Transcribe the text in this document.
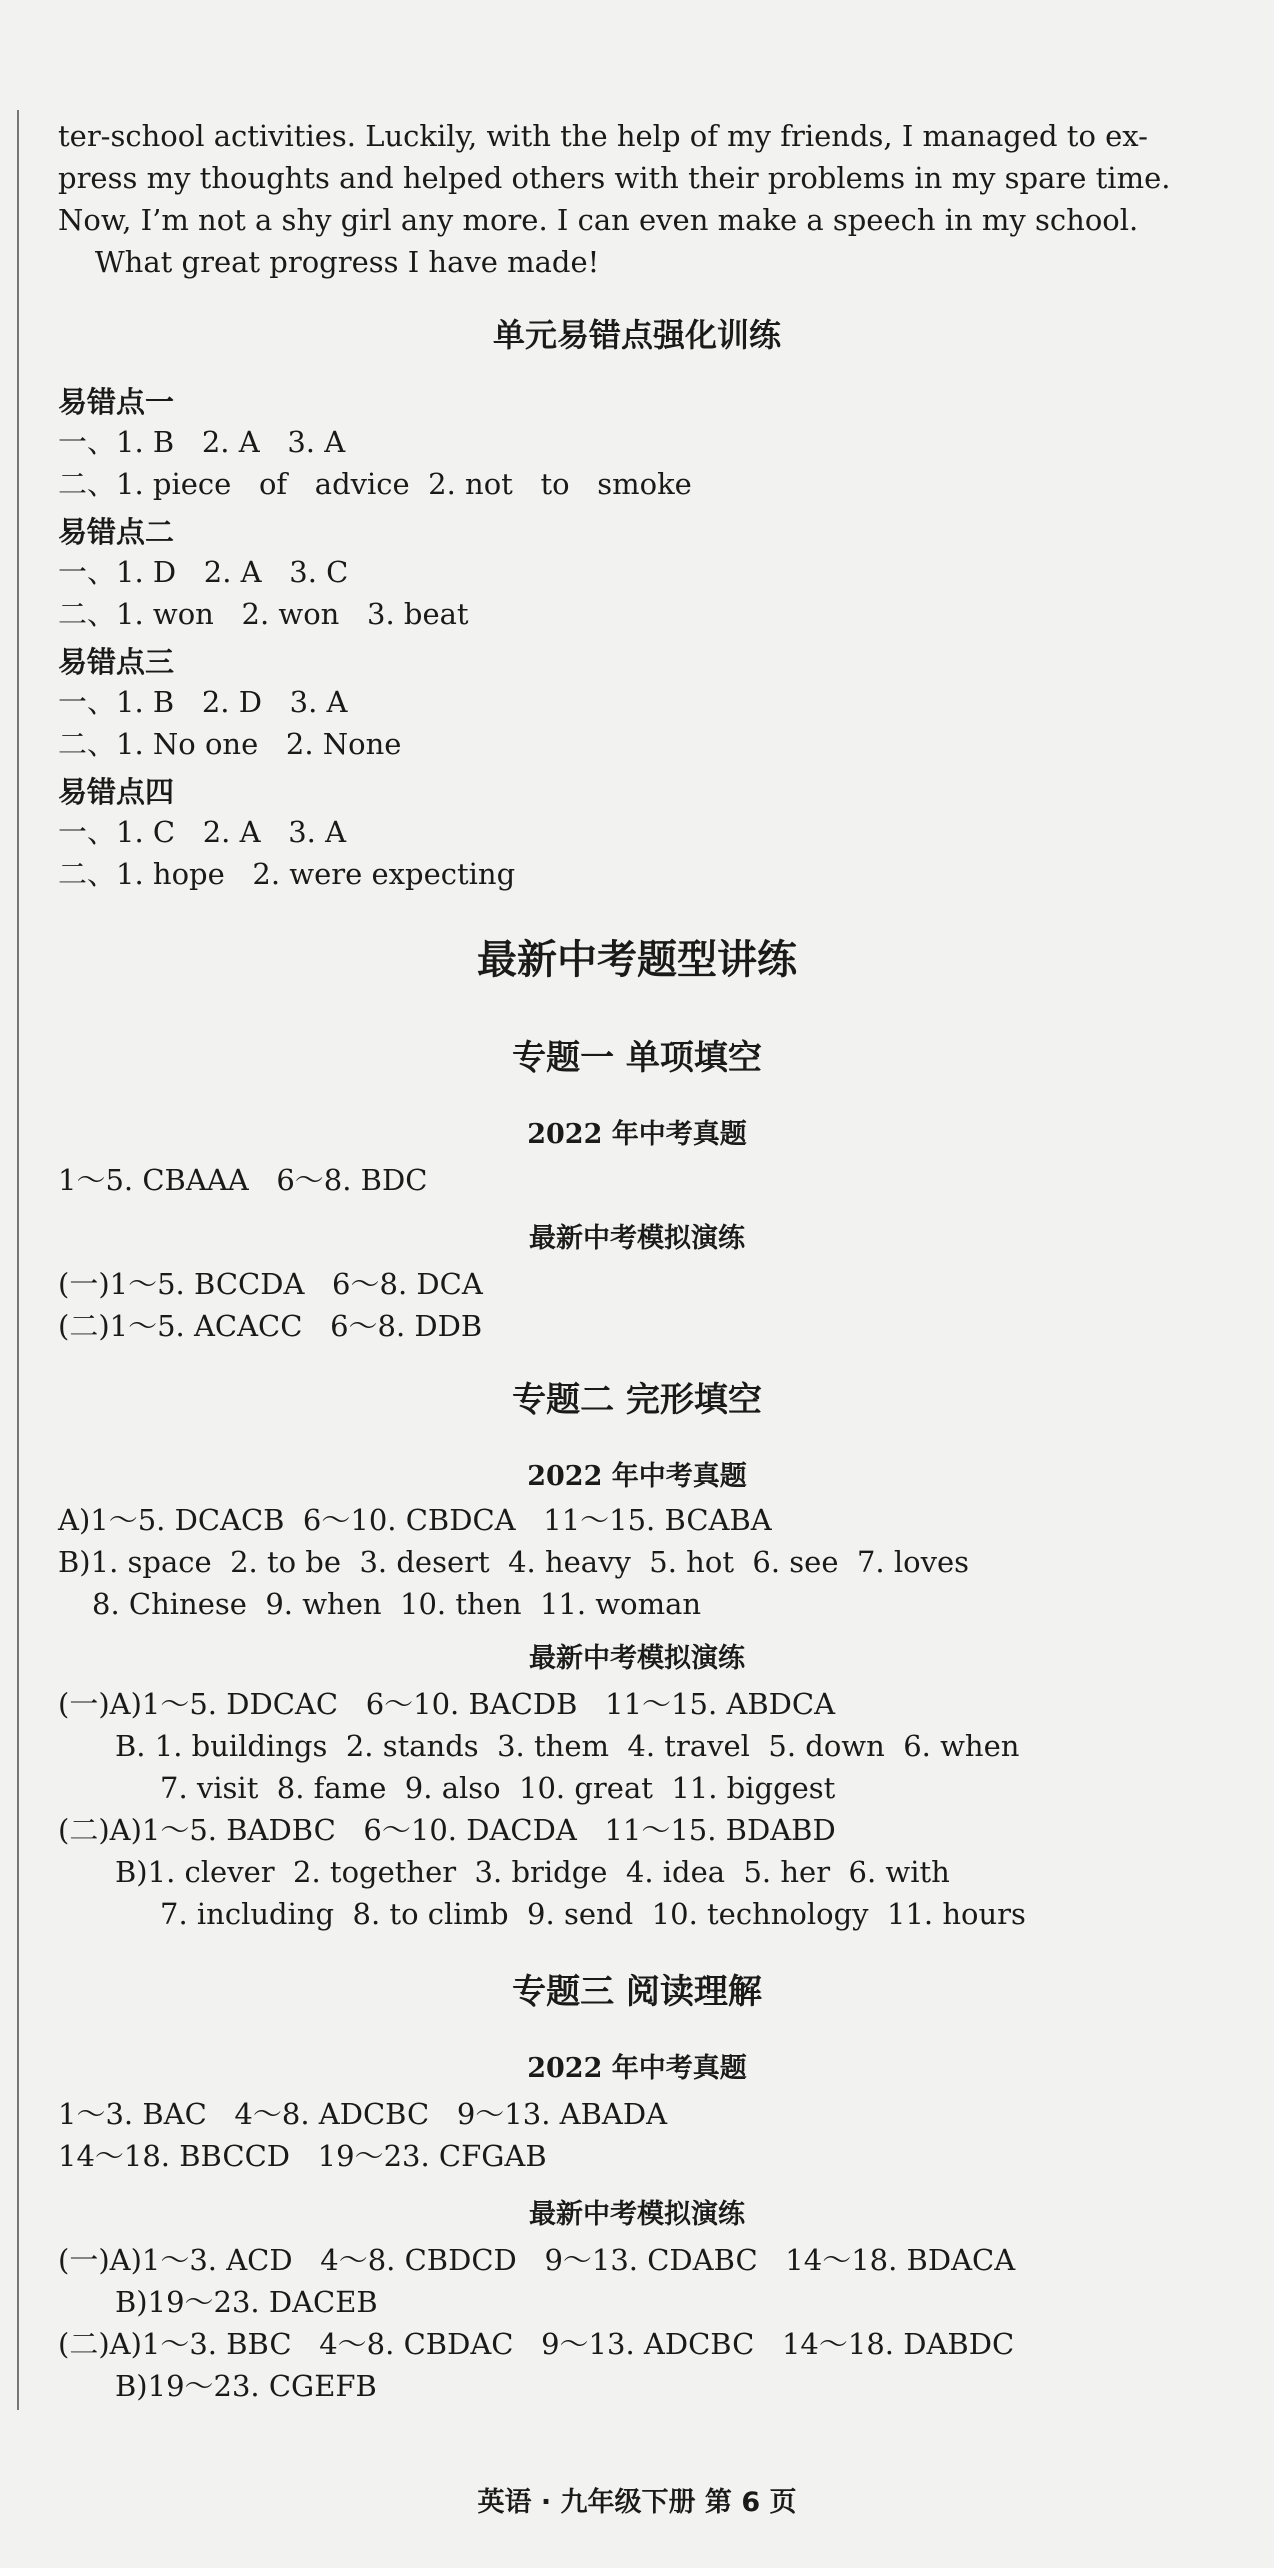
ter-school activities. Luckily, with the help of my friends, I managed to ex-
press my thoughts and helped others with their problems in my spare time.
Now, I’m not a shy girl any more. I can even make a speech in my school.
What great progress I have made!
单元易错点强化训练
易错点一
一、1. B   2. A   3. A
二、1. piece   of   advice  2. not   to   smoke
易错点二
一、1. D   2. A   3. C
二、1. won   2. won   3. beat
易错点三
一、1. B   2. D   3. A
二、1. No one   2. None
易错点四
一、1. C   2. A   3. A
二、1. hope   2. were expecting
最新中考题型讲练
专题一 单项填空
2022 年中考真题
1～5. CBAAA   6～8. BDC
最新中考模拟演练
(一)1～5. BCCDA   6～8. DCA
(二)1～5. ACACC   6～8. DDB
专题二 完形填空
2022 年中考真题
A)1～5. DCACB  6～10. CBDCA   11～15. BCABA
B)1. space  2. to be  3. desert  4. heavy  5. hot  6. see  7. loves
8. Chinese  9. when  10. then  11. woman
最新中考模拟演练
(一)A)1～5. DDCAC   6～10. BACDB   11～15. ABDCA
B. 1. buildings  2. stands  3. them  4. travel  5. down  6. when
7. visit  8. fame  9. also  10. great  11. biggest
(二)A)1～5. BADBC   6～10. DACDA   11～15. BDABD
B)1. clever  2. together  3. bridge  4. idea  5. her  6. with
7. including  8. to climb  9. send  10. technology  11. hours
专题三 阅读理解
2022 年中考真题
1～3. BAC   4～8. ADCBC   9～13. ABADA
14～18. BBCCD   19～23. CFGAB
最新中考模拟演练
(一)A)1～3. ACD   4～8. CBDCD   9～13. CDABC   14～18. BDACA
B)19～23. DACEB
(二)A)1～3. BBC   4～8. CBDAC   9～13. ADCBC   14～18. DABDC
B)19～23. CGEFB
英语 · 九年级下册 第 6 页
